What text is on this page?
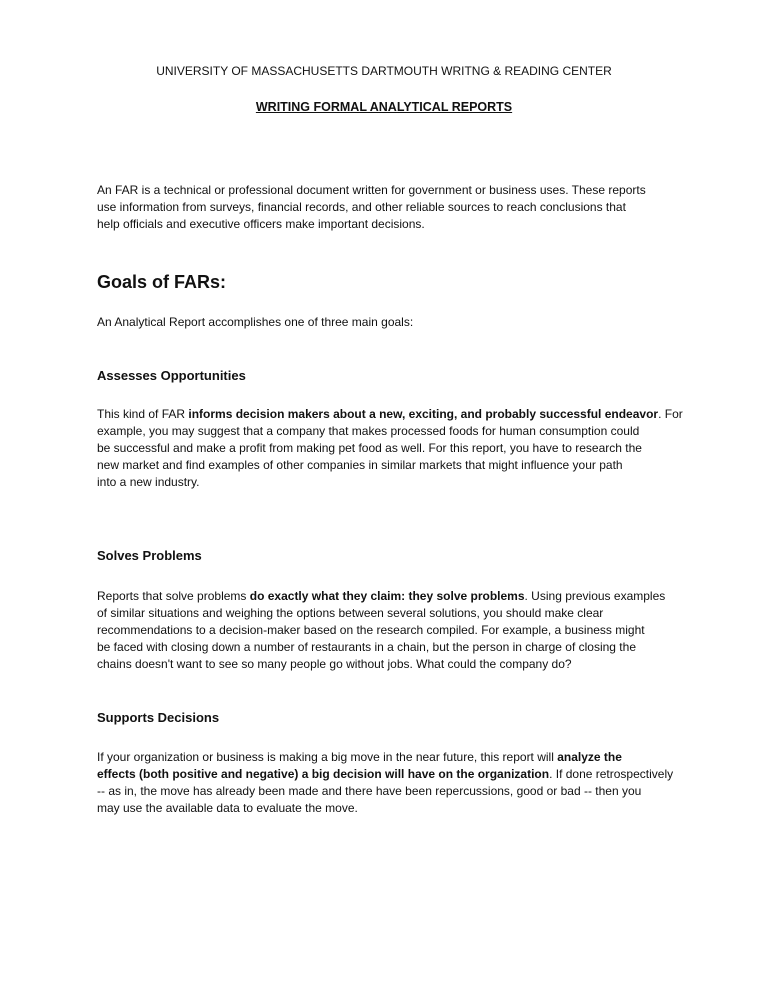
UNIVERSITY OF MASSACHUSETTS DARTMOUTH WRITNG & READING CENTER
WRITING FORMAL ANALYTICAL REPORTS
An FAR is a technical or professional document written for government or business uses. These reports
use information from surveys, financial records, and other reliable sources to reach conclusions that
help officials and executive officers make important decisions.
Goals of FARs:
An Analytical Report accomplishes one of three main goals:
Assesses Opportunities
This kind of FAR informs decision makers about a new, exciting, and probably successful endeavor. For
example, you may suggest that a company that makes processed foods for human consumption could
be successful and make a profit from making pet food as well. For this report, you have to research the
new market and find examples of other companies in similar markets that might influence your path
into a new industry.
Solves Problems
Reports that solve problems do exactly what they claim: they solve problems. Using previous examples
of similar situations and weighing the options between several solutions, you should make clear
recommendations to a decision-maker based on the research compiled. For example, a business might
be faced with closing down a number of restaurants in a chain, but the person in charge of closing the
chains doesn't want to see so many people go without jobs. What could the company do?
Supports Decisions
If your organization or business is making a big move in the near future, this report will analyze the
effects (both positive and negative) a big decision will have on the organization. If done retrospectively
-- as in, the move has already been made and there have been repercussions, good or bad -- then you
may use the available data to evaluate the move.
